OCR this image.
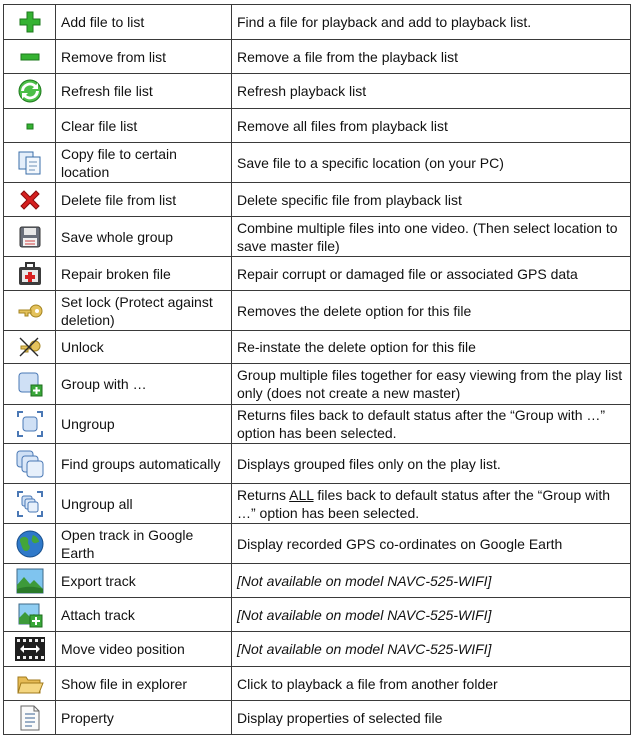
	Add file to list	Find a file for playback and add to playback list.

	Remove from list	Remove a file from the playback list

	Refresh file list	Refresh playback list

	Clear file list	Remove all files from playback list

	Copy file to certain location	Save file to a specific location (on your PC)

	Delete file from list	Delete specific file from playback list

	Save whole group	Combine multiple files into one video. (Then select location to save master file)

	Repair broken file	Repair corrupt or damaged file or associated GPS data

	Set lock (Protect against deletion)	Removes the delete option for this file

	Unlock	Re-instate the delete option for this file

	Group with …	Group multiple files together for easy viewing from the play list only (does not create a new master)

	Ungroup	Returns files back to default status after the “Group with …” option has been selected.

	Find groups automatically	Displays grouped files only on the play list.

	Ungroup all	Returns ALL files back to default status after the “Group with …” option has been selected.

	Open track in Google Earth	Display recorded GPS co-ordinates on Google Earth

	Export track	[Not available on model NAVC-525-WIFI]

	Attach track	[Not available on model NAVC-525-WIFI]

	Move video position	[Not available on model NAVC-525-WIFI]

	Show file in explorer	Click to playback a file from another folder

	Property	Display properties of selected file
